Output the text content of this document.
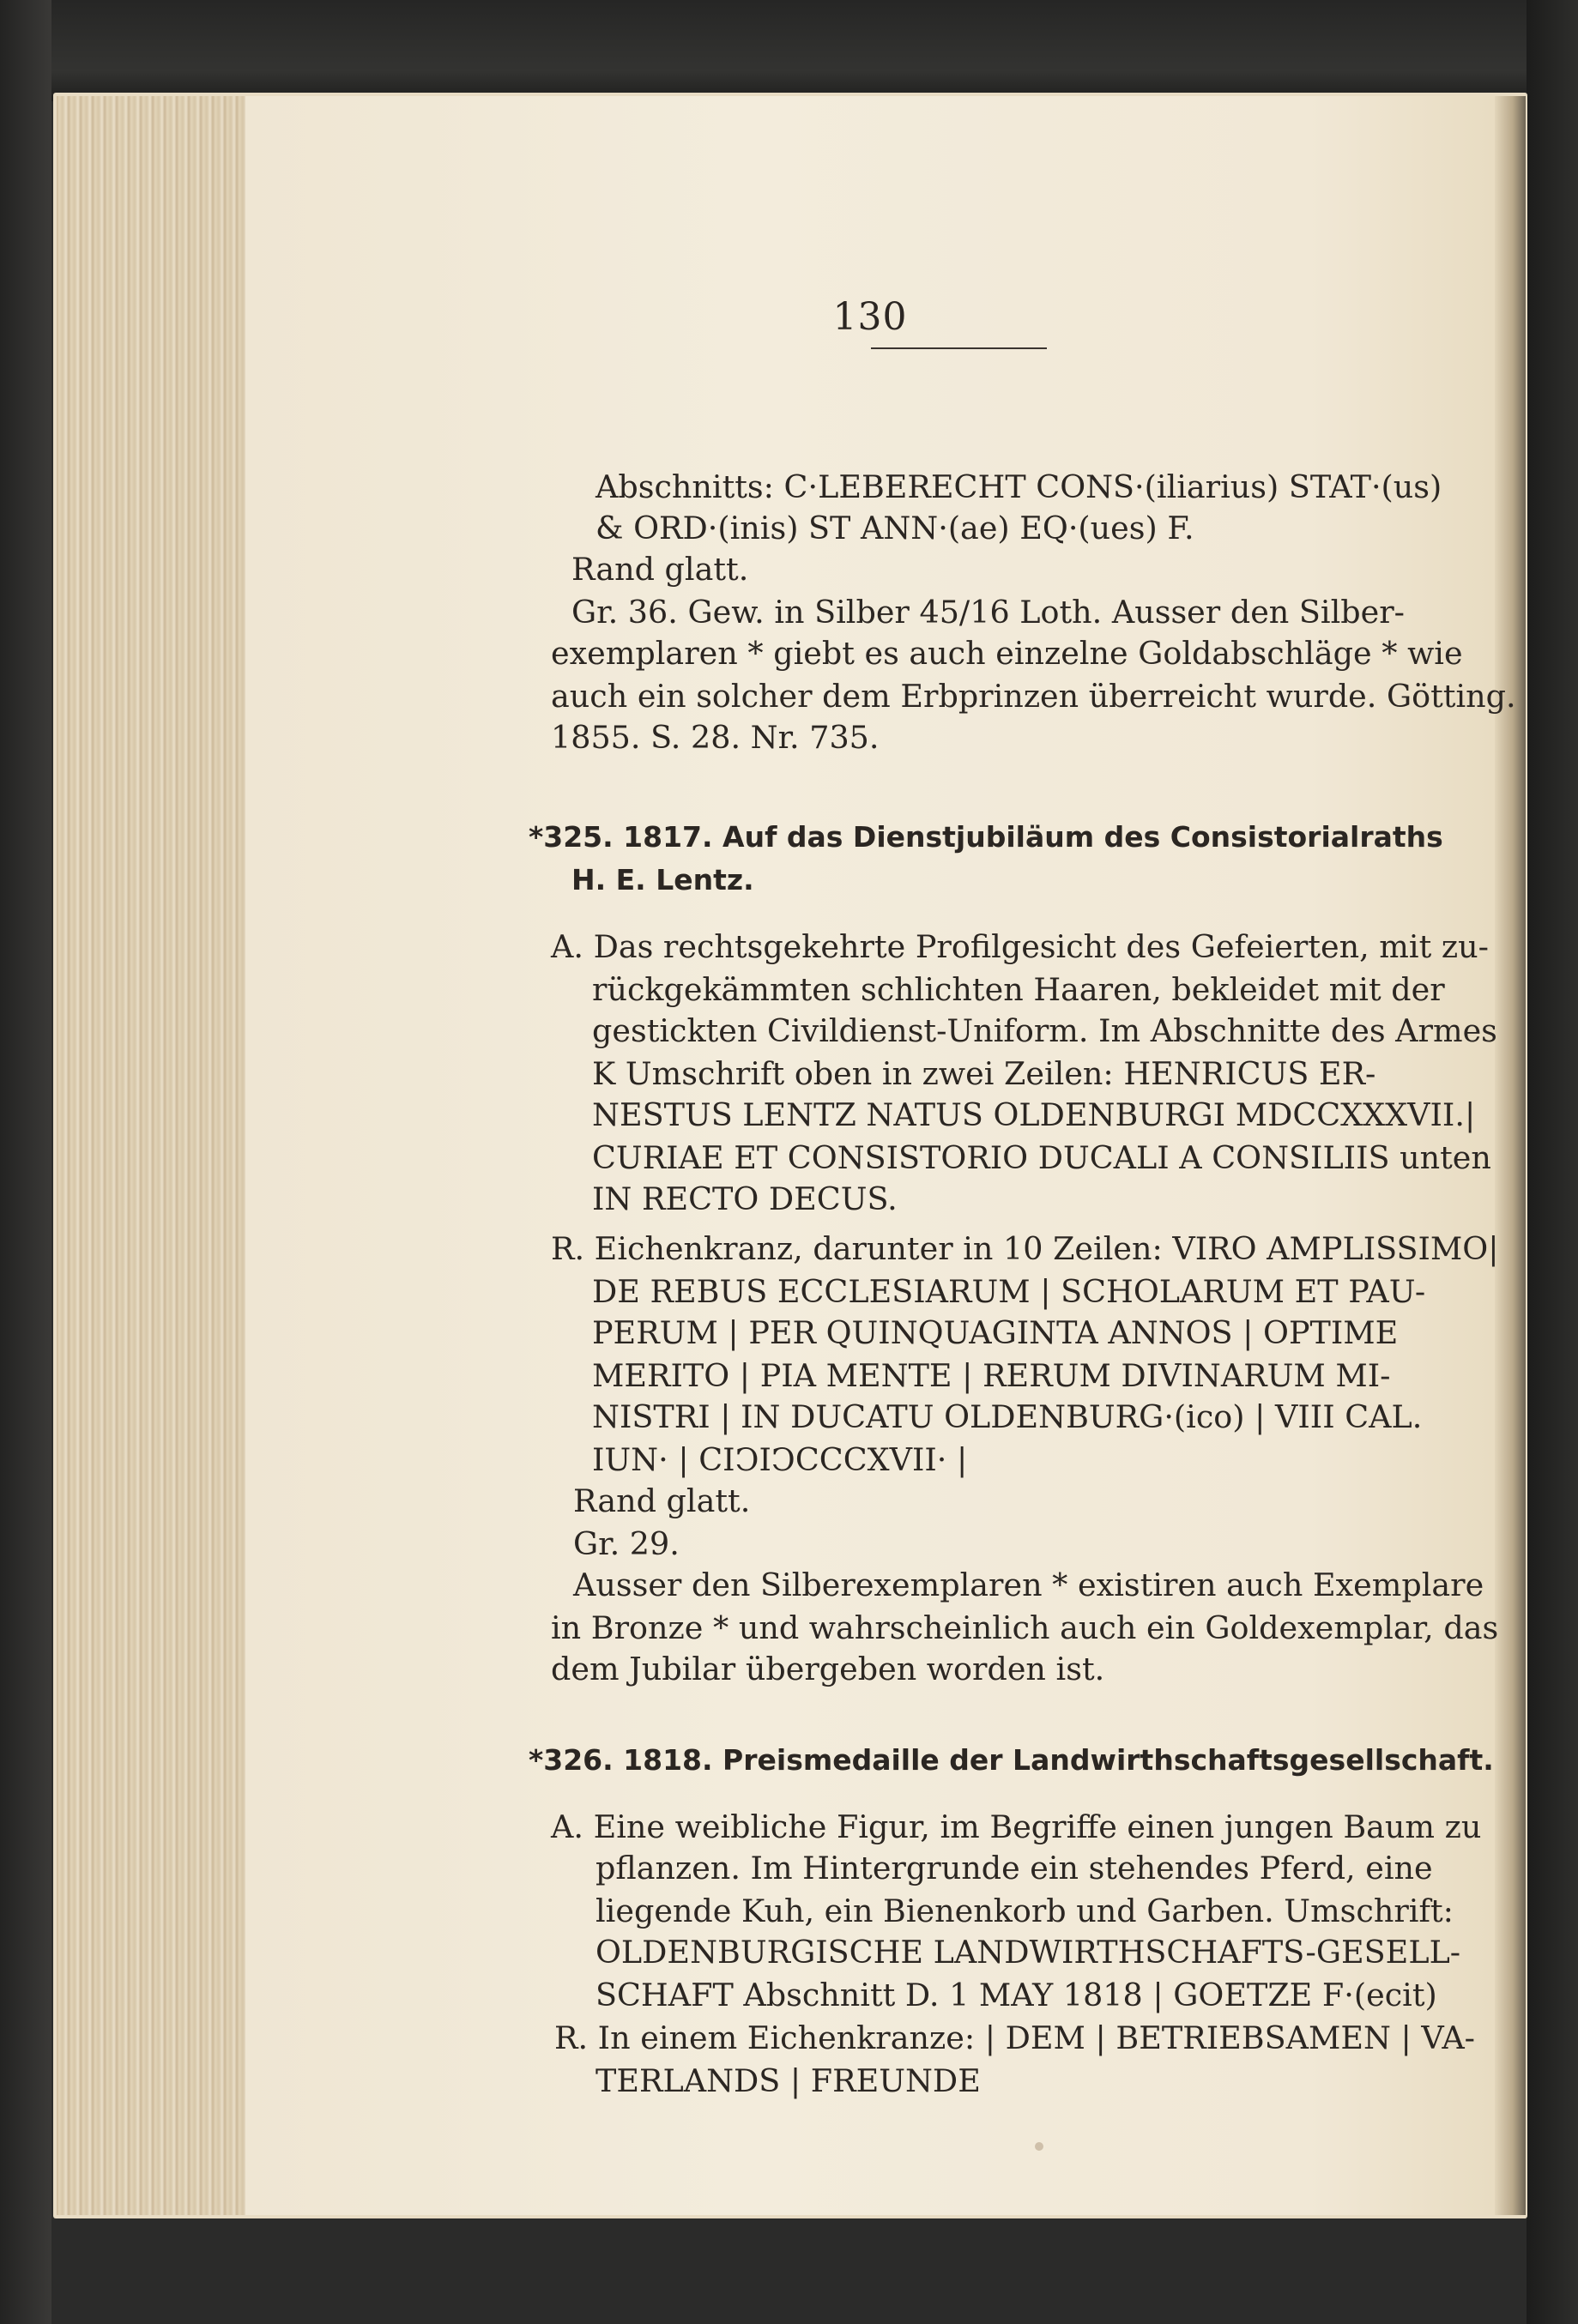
130
Abschnitts: C·LEBERECHT CONS·(iliarius) STAT·(us)
& ORD·(inis) ST ANN·(ae) EQ·(ues) F.
Rand glatt.
Gr. 36. Gew. in Silber 45/16 Loth. Ausser den Silber-
exemplaren * giebt es auch einzelne Goldabschläge * wie
auch ein solcher dem Erbprinzen überreicht wurde. Götting.
1855. S. 28. Nr. 735.
*325. 1817. Auf das Dienstjubiläum des Consistorialraths
H. E. Lentz.
A. Das rechtsgekehrte Profilgesicht des Gefeierten, mit zu-
rückgekämmten schlichten Haaren, bekleidet mit der
gestickten Civildienst-Uniform. Im Abschnitte des Armes
K Umschrift oben in zwei Zeilen: HENRICUS ER-
NESTUS LENTZ NATUS OLDENBURGI MDCCXXXVII.|
CURIAE ET CONSISTORIO DUCALI A CONSILIIS unten
IN RECTO DECUS.
R. Eichenkranz, darunter in 10 Zeilen: VIRO AMPLISSIMO|
DE REBUS ECCLESIARUM | SCHOLARUM ET PAU-
PERUM | PER QUINQUAGINTA ANNOS | OPTIME
MERITO | PIA MENTE | RERUM DIVINARUM MI-
NISTRI | IN DUCATU OLDENBURG·(ico) | VIII CAL.
IUN· | CIϽIϽCCCXVII· |
Rand glatt.
Gr. 29.
Ausser den Silberexemplaren * existiren auch Exemplare
in Bronze * und wahrscheinlich auch ein Goldexemplar, das
dem Jubilar übergeben worden ist.
*326. 1818. Preismedaille der Landwirthschaftsgesellschaft.
A. Eine weibliche Figur, im Begriffe einen jungen Baum zu
pflanzen. Im Hintergrunde ein stehendes Pferd, eine
liegende Kuh, ein Bienenkorb und Garben. Umschrift:
OLDENBURGISCHE LANDWIRTHSCHAFTS-GESELL-
SCHAFT Abschnitt D. 1 MAY 1818 | GOETZE F·(ecit)
R. In einem Eichenkranze: | DEM | BETRIEBSAMEN | VA-
TERLANDS | FREUNDE
